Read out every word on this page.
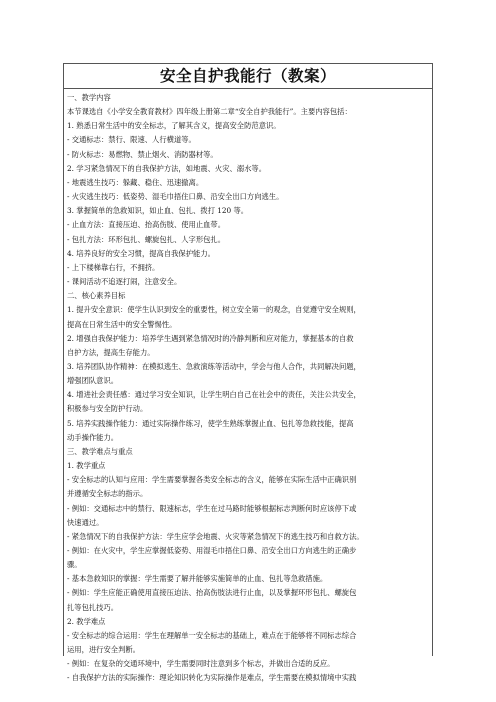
安全自护我能行（教案）
一、教学内容
本节课选自《小学安全教育教材》四年级上册第二章“安全自护我能行”。主要内容包括：
1. 熟悉日常生活中的安全标志，了解其含义，提高安全防范意识。
- 交通标志：禁行、限速、人行横道等。
- 防火标志：易燃物、禁止烟火、消防器材等。
2. 学习紧急情况下的自我保护方法，如地震、火灾、溺水等。
- 地震逃生技巧：躲藏、稳住、迅速撤离。
- 火灾逃生技巧：低姿势、湿毛巾捂住口鼻、沿安全出口方向逃生。
3. 掌握简单的急救知识，如止血、包扎、拨打 120 等。
- 止血方法：直接压迫、抬高伤肢、使用止血带。
- 包扎方法：环形包扎、螺旋包扎、人字形包扎。
4. 培养良好的安全习惯，提高自我保护能力。
- 上下楼梯靠右行，不拥挤。
- 课间活动不追逐打闹，注意安全。
二、核心素养目标
1. 提升安全意识：使学生认识到安全的重要性，树立安全第一的观念，自觉遵守安全规则，
提高在日常生活中的安全警惕性。
2. 增强自我保护能力：培养学生遇到紧急情况时的冷静判断和应对能力，掌握基本的自救
自护方法，提高生存能力。
3. 培养团队协作精神：在模拟逃生、急救演练等活动中，学会与他人合作，共同解决问题，
增强团队意识。
4. 增进社会责任感：通过学习安全知识，让学生明白自己在社会中的责任，关注公共安全，
积极参与安全防护行动。
5. 培养实践操作能力：通过实际操作练习，使学生熟练掌握止血、包扎等急救技能，提高
动手操作能力。
三、教学难点与重点
1. 教学重点
- 安全标志的认知与应用：学生需要掌握各类安全标志的含义，能够在实际生活中正确识别
并遵循安全标志的指示。
- 例如：交通标志中的禁行、限速标志，学生在过马路时能够根据标志判断何时应该停下或
快速通过。
- 紧急情况下的自我保护方法：学生应学会地震、火灾等紧急情况下的逃生技巧和自救方法。
- 例如：在火灾中，学生应掌握低姿势、用湿毛巾捂住口鼻、沿安全出口方向逃生的正确步
骤。
- 基本急救知识的掌握：学生需要了解并能够实施简单的止血、包扎等急救措施。
- 例如：学生应能正确使用直接压迫法、抬高伤肢法进行止血，以及掌握环形包扎、螺旋包
扎等包扎技巧。
2. 教学难点
- 安全标志的综合运用：学生在理解单一安全标志的基础上，难点在于能够将不同标志综合
运用，进行安全判断。
- 例如：在复杂的交通环境中，学生需要同时注意到多个标志，并做出合适的反应。
- 自我保护方法的实际操作：理论知识转化为实际操作是难点，学生需要在模拟情境中实践
